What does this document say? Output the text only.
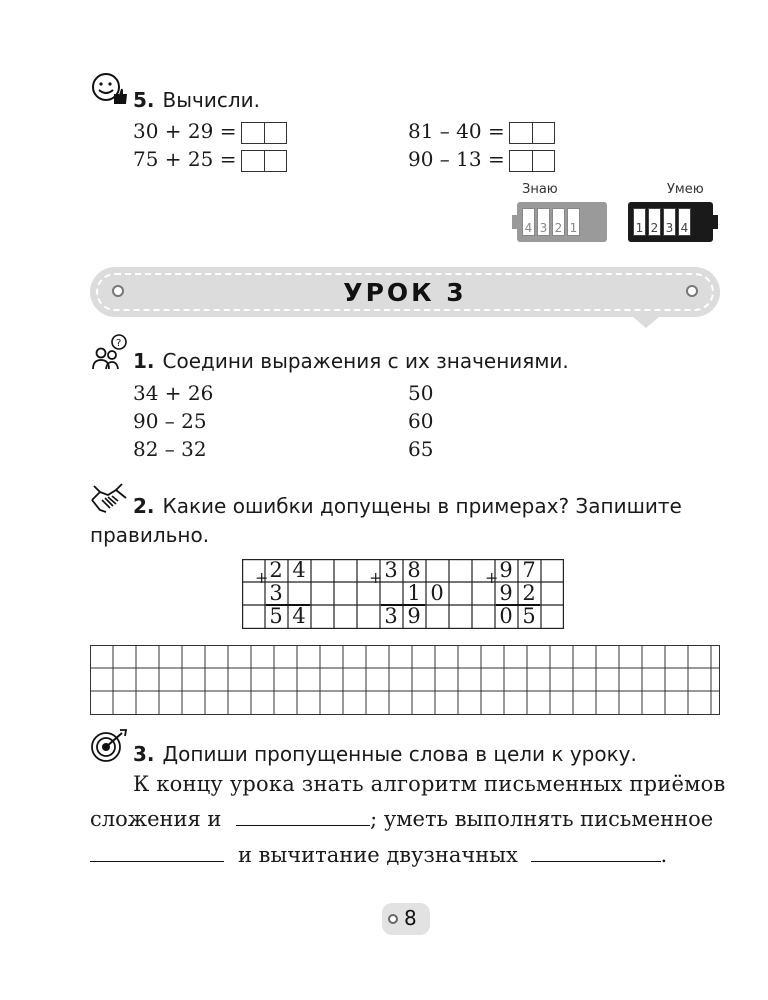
5. Вычисли.
30 + 29 =
75 + 25 =
81 – 40 =
90 – 13 =
Знаю
4 3 2 1
Умею
1 2 3 4
УРОК 3
?
1. Соедини выражения с их значениями.
34 + 26
90 – 25
82 – 32
50
60
65
2. Какие ошибки допущены в примерах? Запишите
правильно.
+ 2 4
3
5 4
+ 3 8
1 0
3 9
+ 9 7
9 2
0 5
3. Допиши пропущенные слова в цели к уроку.
К концу урока знать алгоритм письменных приёмов
сложения и	; уметь выполнять письменное
и вычитание двузначных	.
8
